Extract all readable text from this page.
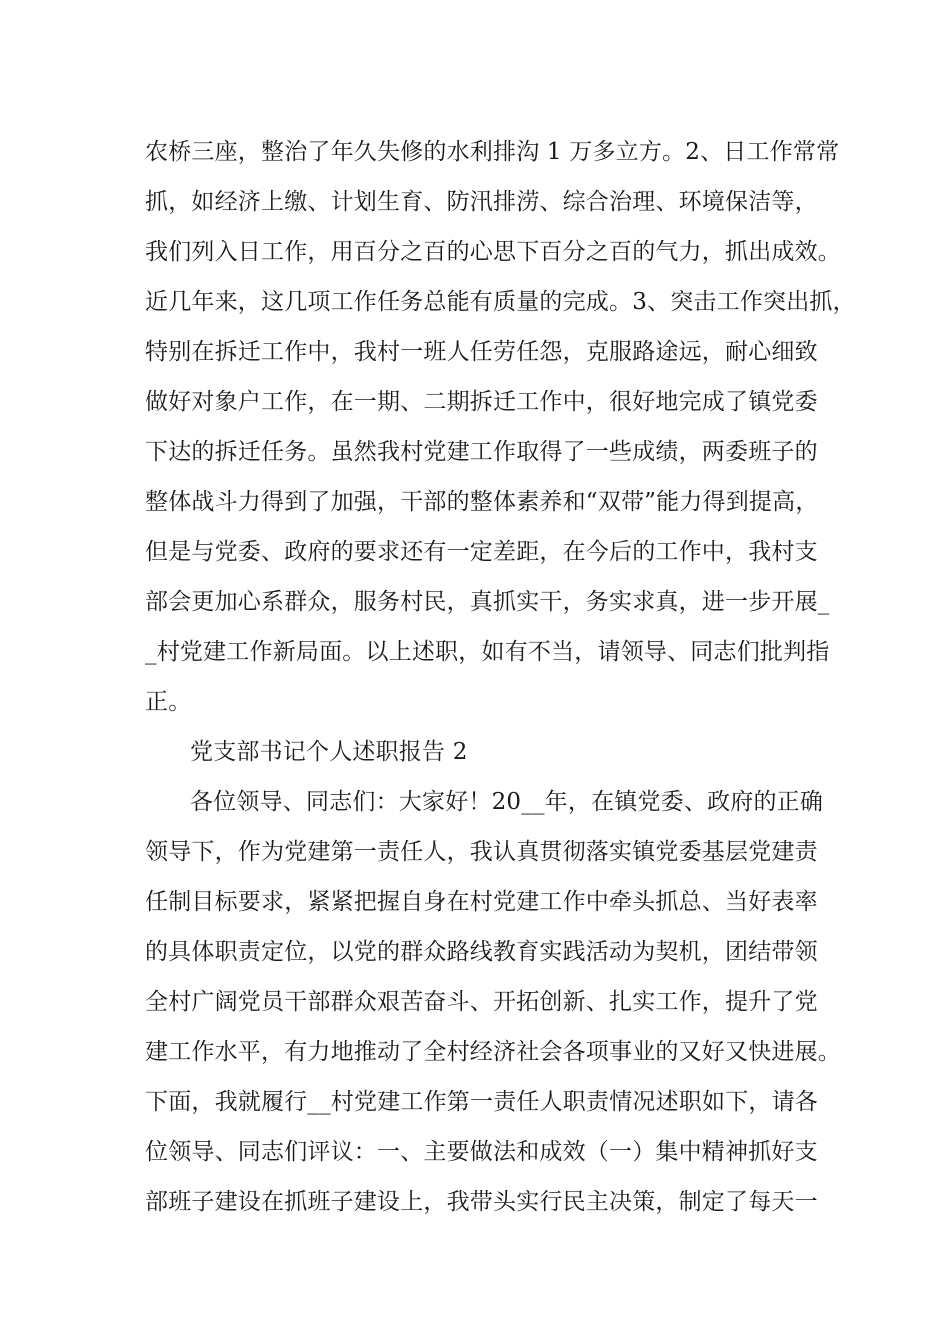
农桥三座，整治了年久失修的水利排沟 1 万多立方。2、日工作常常
抓，如经济上缴、计划生育、防汛排涝、综合治理、环境保洁等，
我们列入日工作，用百分之百的心思下百分之百的气力，抓出成效。
近几年来，这几项工作任务总能有质量的完成。3、突击工作突出抓，
特别在拆迁工作中，我村一班人任劳任怨，克服路途远，耐心细致
做好对象户工作，在一期、二期拆迁工作中，很好地完成了镇党委
下达的拆迁任务。虽然我村党建工作取得了一些成绩，两委班子的
整体战斗力得到了加强，干部的整体素养和“双带”能力得到提高，
但是与党委、政府的要求还有一定差距，在今后的工作中，我村支
部会更加心系群众，服务村民，真抓实干，务实求真，进一步开展_
_村党建工作新局面。以上述职，如有不当，请领导、同志们批判指
正。
党支部书记个人述职报告 2
各位领导、同志们：大家好！20__年，在镇党委、政府的正确
领导下，作为党建第一责任人，我认真贯彻落实镇党委基层党建责
任制目标要求，紧紧把握自身在村党建工作中牵头抓总、当好表率
的具体职责定位，以党的群众路线教育实践活动为契机，团结带领
全村广阔党员干部群众艰苦奋斗、开拓创新、扎实工作，提升了党
建工作水平，有力地推动了全村经济社会各项事业的又好又快进展。
下面，我就履行__村党建工作第一责任人职责情况述职如下，请各
位领导、同志们评议：一、主要做法和成效（一）集中精神抓好支
部班子建设在抓班子建设上，我带头实行民主决策，制定了每天一
